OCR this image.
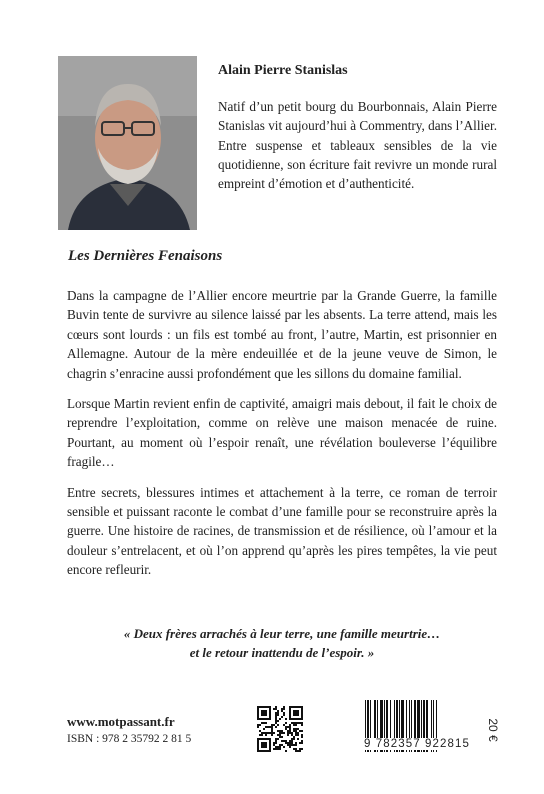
Alain Pierre Stanislas
Natif d’un petit bourg du Bourbonnais, Alain Pierre Stanislas vit aujourd’hui à Commentry, dans l’Allier. Entre suspense et tableaux sensibles de la vie quotidienne, son écriture fait revivre un monde rural empreint d’émotion et d’authenticité.
Les Dernières Fenaisons

Dans la campagne de l’Allier encore meurtrie par la Grande Guerre, la famille Buvin tente de survivre au silence laissé par les absents. La terre attend, mais les cœurs sont lourds : un fils est tombé au front, l’autre, Martin, est prisonnier en Allemagne. Autour de la mère endeuillée et de la jeune veuve de Simon, le chagrin s’enracine aussi profondément que les sillons du domaine familial.

Lorsque Martin revient enfin de captivité, amaigri mais debout, il fait le choix de reprendre l’exploitation, comme on relève une maison menacée de ruine. Pourtant, au moment où l’espoir renaît, une révélation bouleverse l’équilibre fragile…

Entre secrets, blessures intimes et attachement à la terre, ce roman de terroir sensible et puissant raconte le combat d’une famille pour se reconstruire après la guerre. Une histoire de racines, de transmission et de résilience, où l’amour et la douleur s’entrelacent, et où l’on apprend qu’après les pires tempêtes, la vie peut encore refleurir.

« Deux frères arrachés à leur terre, une famille meurtrie…
et le retour inattendu de l’espoir. »
www.motpassant.fr
ISBN : 978 2 35792 2 81 5	9 782357 922815
20 €
